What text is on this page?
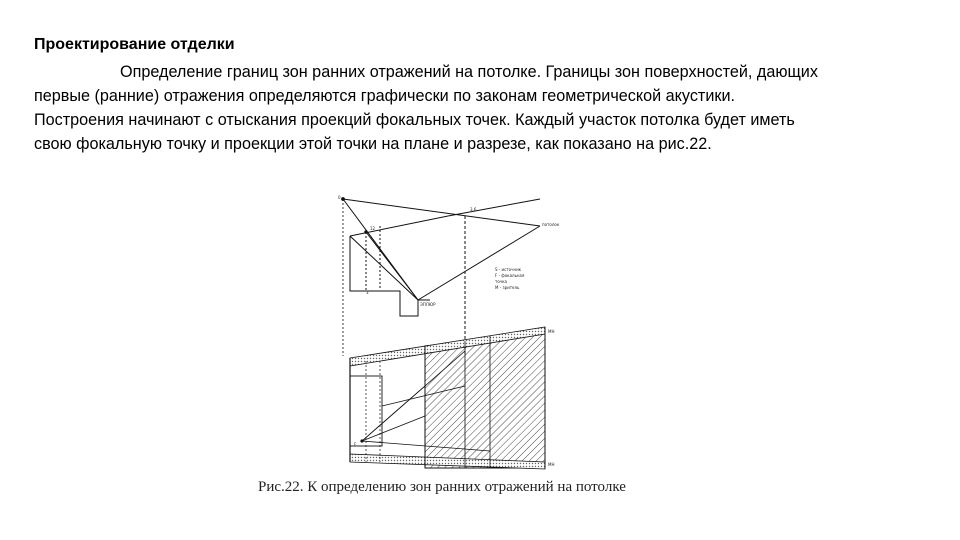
Проектирование отделки

Определение границ зон ранних отражений на потолке. Границы зон поверхностей, дающих
первые (ранние) отражения определяются графически по законам геометрической акустики.
Построения начинают с отыскания проекций фокальных точек. Каждый участок потолка будет иметь
свою фокальную точку и проекции этой точки на плане и разрезе, как показано на рис.22.

0
потолок
ЭПЛЮР
3,6
12
3
S - источник
F - фокальная
точка
М - зритель
МН
МН
F

Рис.22. К определению зон ранних отражений на потолке
